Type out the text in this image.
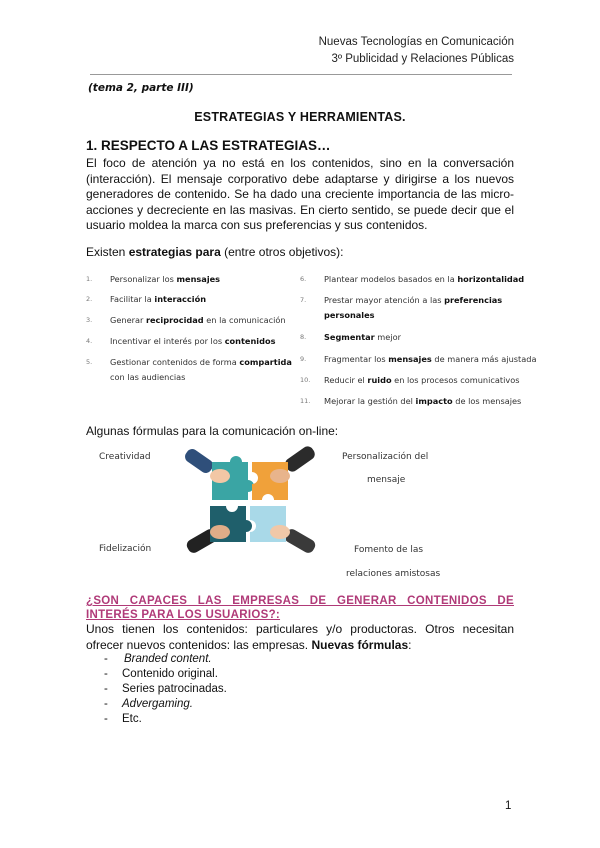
Nuevas Tecnologías en Comunicación
3º Publicidad y Relaciones Públicas
(tema 2, parte III)
ESTRATEGIAS Y HERRAMIENTAS.
1. RESPECTO A LAS ESTRATEGIAS…
El foco de atención ya no está en los contenidos, sino en la conversación (interacción). El mensaje corporativo debe adaptarse y dirigirse a los nuevos generadores de contenido. Se ha dado una creciente importancia de las micro-acciones y decreciente en las masivas. En cierto sentido, se puede decir que el usuario moldea la marca con sus preferencias y sus contenidos.
Existen estrategias para (entre otros objetivos):
1. Personalizar los mensajes
2. Facilitar la interacción
3. Generar reciprocidad en la comunicación
4. Incentivar el interés por los contenidos
5. Gestionar contenidos de forma compartida
con las audiencias
6. Plantear modelos basados en la horizontalidad
7. Prestar mayor atención a las preferencias
personales
8. Segmentar mejor
9. Fragmentar los mensajes de manera más ajustada
10. Reducir el ruido en los procesos comunicativos
11. Mejorar la gestión del impacto de los mensajes
Algunas fórmulas para la comunicación on-line:
Creatividad	Personalización del
mensaje
Fidelización	Fomento de las
relaciones amistosas
¿SON CAPACES LAS EMPRESAS DE GENERAR CONTENIDOS DE INTERÉS PARA LOS USUARIOS?:
Unos tienen los contenidos: particulares y/o productoras. Otros necesitan ofrecer nuevos contenidos: las empresas. Nuevas fórmulas:
- Branded content.
- Contenido original.
- Series patrocinadas.
- Advergaming.
- Etc.
1
